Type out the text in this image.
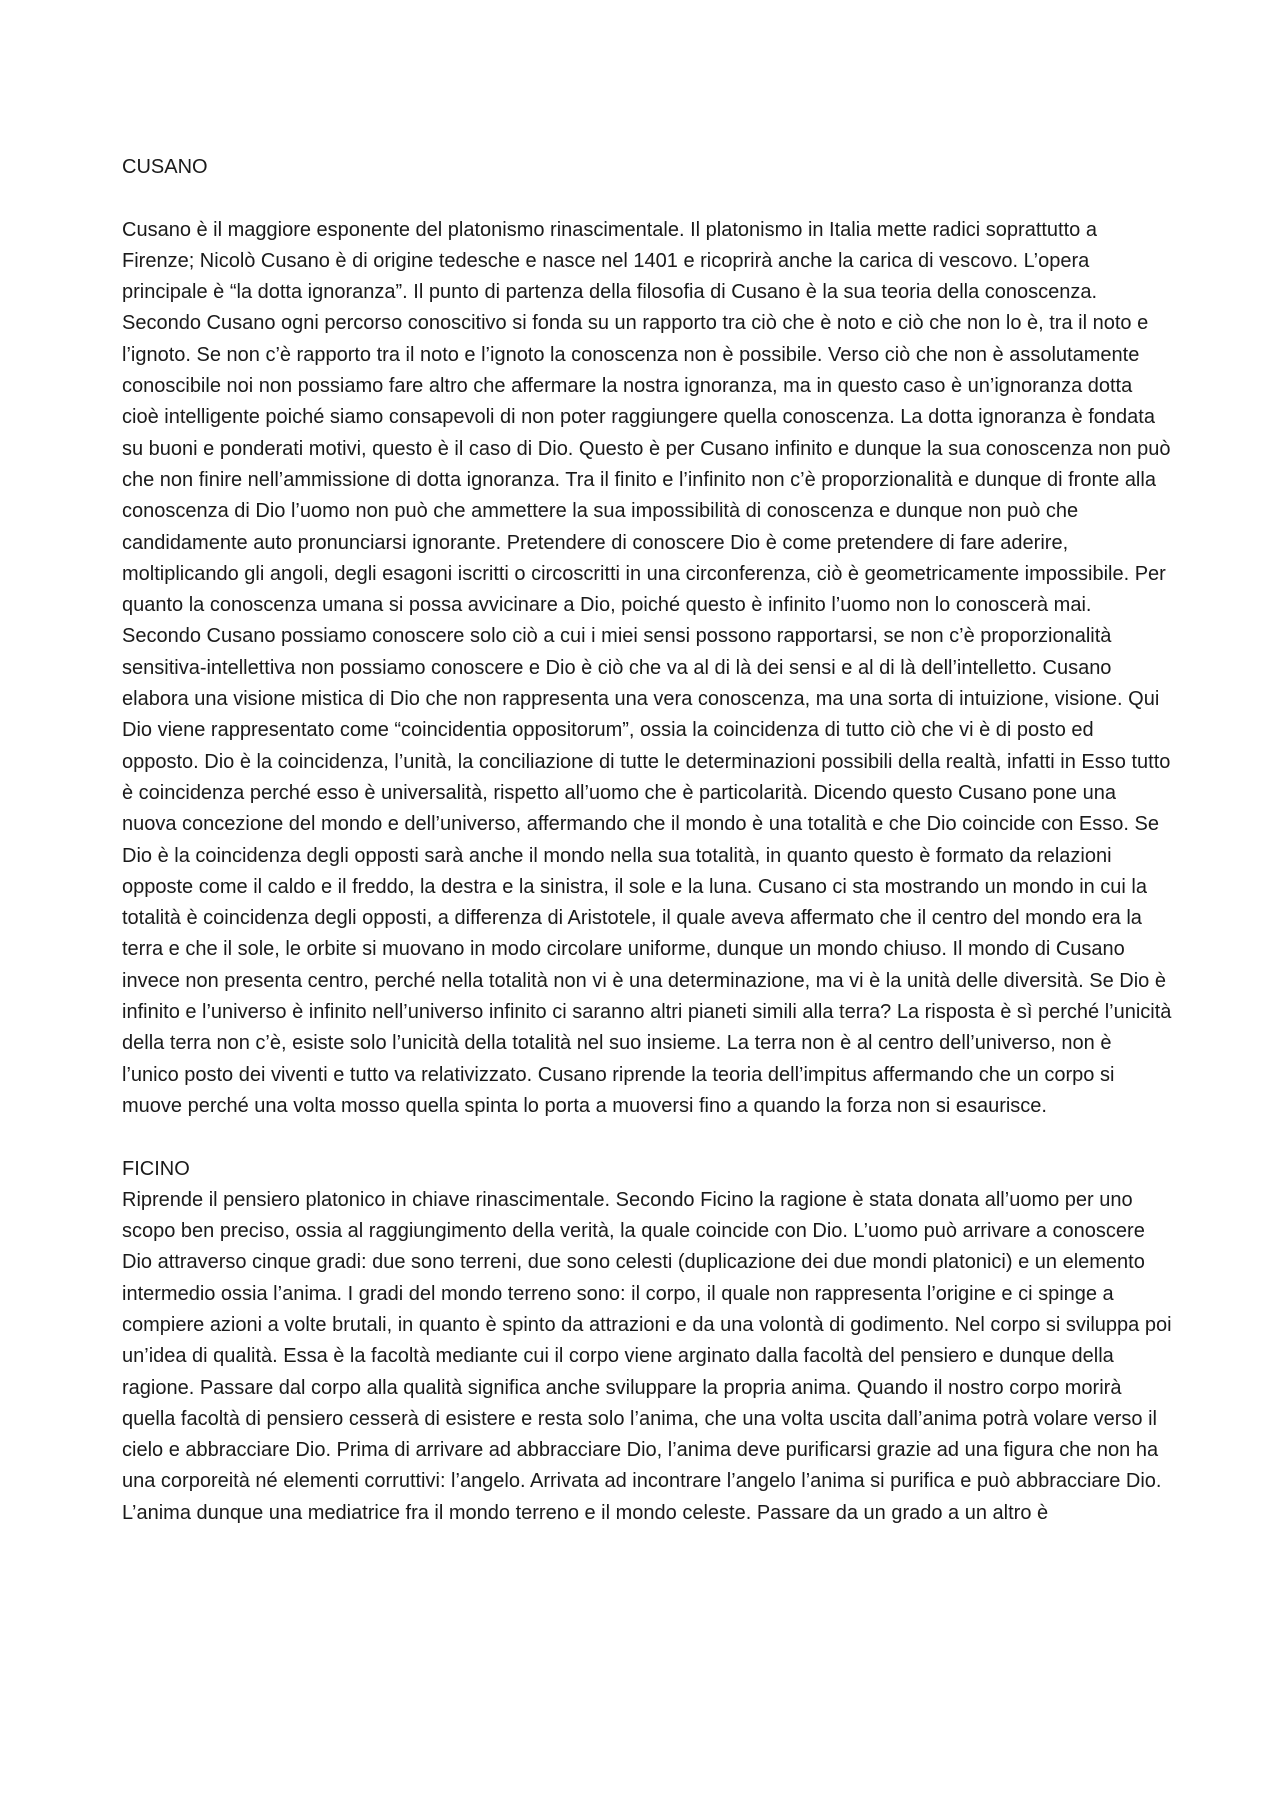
CUSANO

Cusano è il maggiore esponente del platonismo rinascimentale. Il platonismo in Italia mette radici soprattutto a Firenze; Nicolò Cusano è di origine tedesche e nasce nel 1401 e ricoprirà anche la carica di vescovo. L’opera principale è “la dotta ignoranza”. Il punto di partenza della filosofia di Cusano è la sua teoria della conoscenza. Secondo Cusano ogni percorso conoscitivo si fonda su un rapporto tra ciò che è noto e ciò che non lo è, tra il noto e l’ignoto. Se non c’è rapporto tra il noto e l’ignoto la conoscenza non è possibile. Verso ciò che non è assolutamente conoscibile noi non possiamo fare altro che affermare la nostra ignoranza, ma in questo caso è un’ignoranza dotta cioè intelligente poiché siamo consapevoli di non poter raggiungere quella conoscenza. La dotta ignoranza è fondata su buoni e ponderati motivi, questo è il caso di Dio. Questo è per Cusano infinito e dunque la sua conoscenza non può che non finire nell’ammissione di dotta ignoranza. Tra il finito e l’infinito non c’è proporzionalità e dunque di fronte alla conoscenza di Dio l’uomo non può che ammettere la sua impossibilità di conoscenza e dunque non può che candidamente auto pronunciarsi ignorante. Pretendere di conoscere Dio è come pretendere di fare aderire, moltiplicando gli angoli, degli esagoni iscritti o circoscritti in una circonferenza, ciò è geometricamente impossibile. Per quanto la conoscenza umana si possa avvicinare a Dio, poiché questo è infinito l’uomo non lo conoscerà mai. Secondo Cusano possiamo conoscere solo ciò a cui i miei sensi possono rapportarsi, se non c’è proporzionalità sensitiva-intellettiva non possiamo conoscere e Dio è ciò che va al di là dei sensi e al di là dell’intelletto. Cusano elabora una visione mistica di Dio che non rappresenta una vera conoscenza, ma una sorta di intuizione, visione. Qui Dio viene rappresentato come “coincidentia oppositorum”, ossia la coincidenza di tutto ciò che vi è di posto ed opposto. Dio è la coincidenza, l’unità, la conciliazione di tutte le determinazioni possibili della realtà, infatti in Esso tutto è coincidenza perché esso è universalità, rispetto all’uomo che è particolarità. Dicendo questo Cusano pone una nuova concezione del mondo e dell’universo, affermando che il mondo è una totalità e che Dio coincide con Esso. Se Dio è la coincidenza degli opposti sarà anche il mondo nella sua totalità, in quanto questo è formato da relazioni opposte come il caldo e il freddo, la destra e la sinistra, il sole e la luna. Cusano ci sta mostrando un mondo in cui la totalità è coincidenza degli opposti, a differenza di Aristotele, il quale aveva affermato che il centro del mondo era la terra e che il sole, le orbite si muovano in modo circolare uniforme, dunque un mondo chiuso. Il mondo di Cusano invece non presenta centro, perché nella totalità non vi è una determinazione, ma vi è la unità delle diversità. Se Dio è infinito e l’universo è infinito nell’universo infinito ci saranno altri pianeti simili alla terra? La risposta è sì perché l’unicità della terra non c’è, esiste solo l’unicità della totalità nel suo insieme. La terra non è al centro dell’universo, non è l’unico posto dei viventi e tutto va relativizzato. Cusano riprende la teoria dell’impitus affermando che un corpo si muove perché una volta mosso quella spinta lo porta a muoversi fino a quando la forza non si esaurisce.

FICINO

Riprende il pensiero platonico in chiave rinascimentale. Secondo Ficino la ragione è stata donata all’uomo per uno scopo ben preciso, ossia al raggiungimento della verità, la quale coincide con Dio. L’uomo può arrivare a conoscere Dio attraverso cinque gradi: due sono terreni, due sono celesti (duplicazione dei due mondi platonici) e un elemento intermedio ossia l’anima. I gradi del mondo terreno sono: il corpo, il quale non rappresenta l’origine e ci spinge a compiere azioni a volte brutali, in quanto è spinto da attrazioni e da una volontà di godimento. Nel corpo si sviluppa poi un’idea di qualità. Essa è la facoltà mediante cui il corpo viene arginato dalla facoltà del pensiero e dunque della ragione. Passare dal corpo alla qualità significa anche sviluppare la propria anima. Quando il nostro corpo morirà quella facoltà di pensiero cesserà di esistere e resta solo l’anima, che una volta uscita dall’anima potrà volare verso il cielo e abbracciare Dio. Prima di arrivare ad abbracciare Dio, l’anima deve purificarsi grazie ad una figura che non ha una corporeità né elementi corruttivi: l’angelo. Arrivata ad incontrare l’angelo l’anima si purifica e può abbracciare Dio. L’anima dunque una mediatrice fra il mondo terreno e il mondo celeste. Passare da un grado a un altro è
